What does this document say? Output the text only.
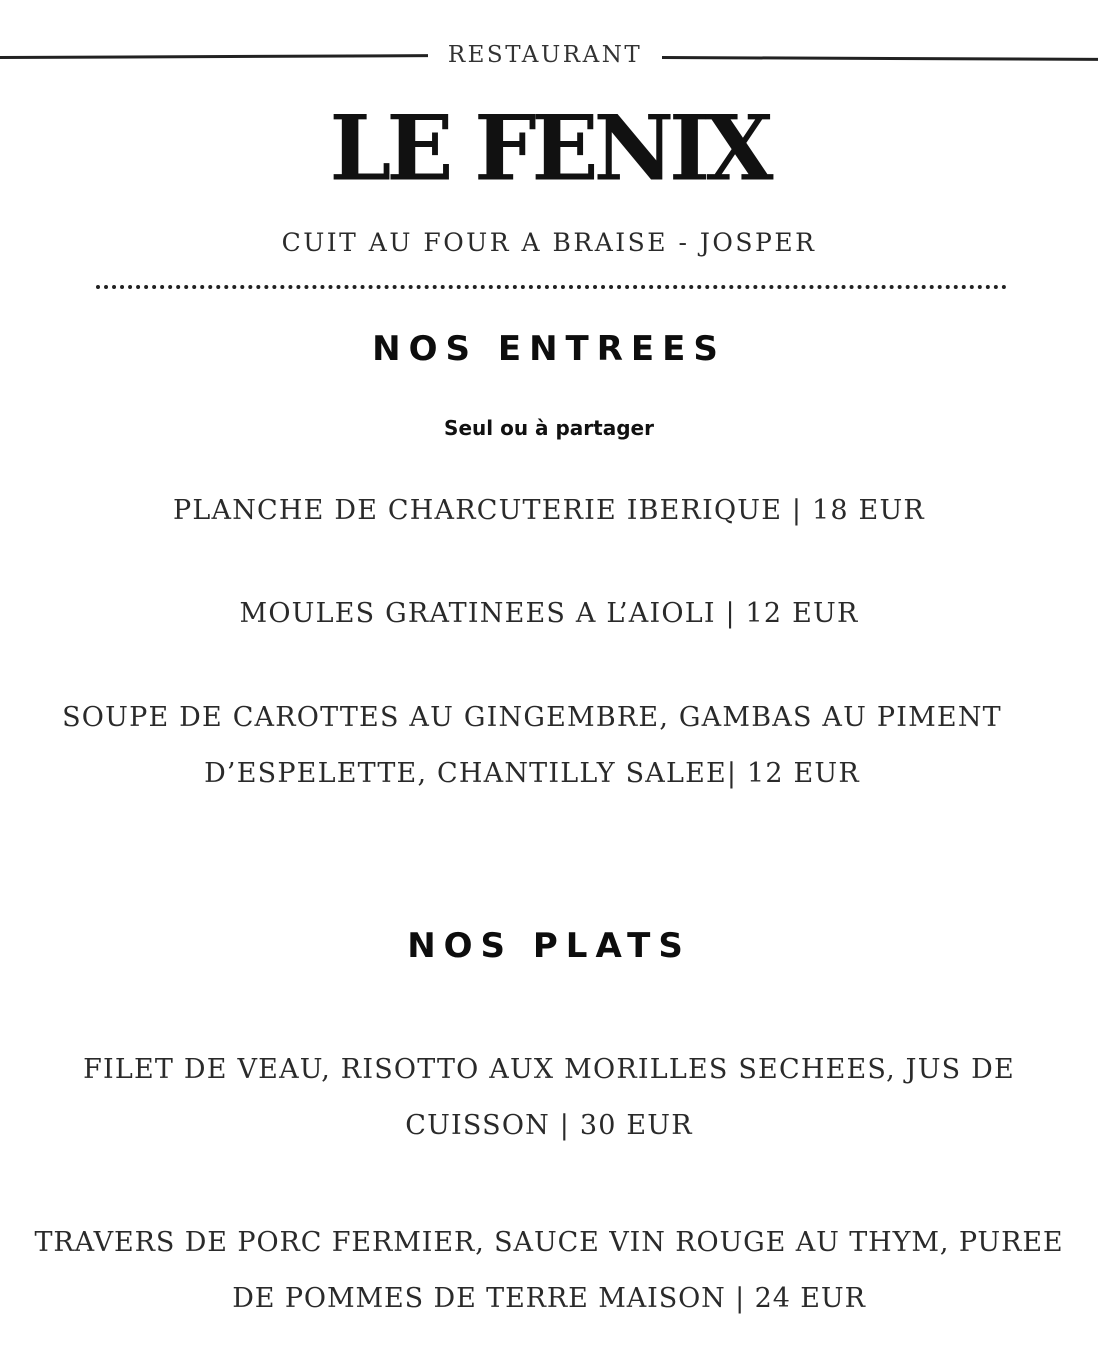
RESTAURANT
LE FENIX
CUIT AU FOUR A BRAISE - JOSPER
NOS ENTREES
Seul ou à partager
PLANCHE DE CHARCUTERIE IBERIQUE | 18 EUR
MOULES GRATINEES A L’AIOLI | 12 EUR
SOUPE DE CAROTTES AU GINGEMBRE, GAMBAS AU PIMENT
D’ESPELETTE, CHANTILLY SALEE| 12 EUR
NOS PLATS
FILET DE VEAU, RISOTTO AUX MORILLES SECHEES, JUS DE
CUISSON | 30 EUR
TRAVERS DE PORC FERMIER, SAUCE VIN ROUGE AU THYM, PUREE
DE POMMES DE TERRE MAISON | 24 EUR
